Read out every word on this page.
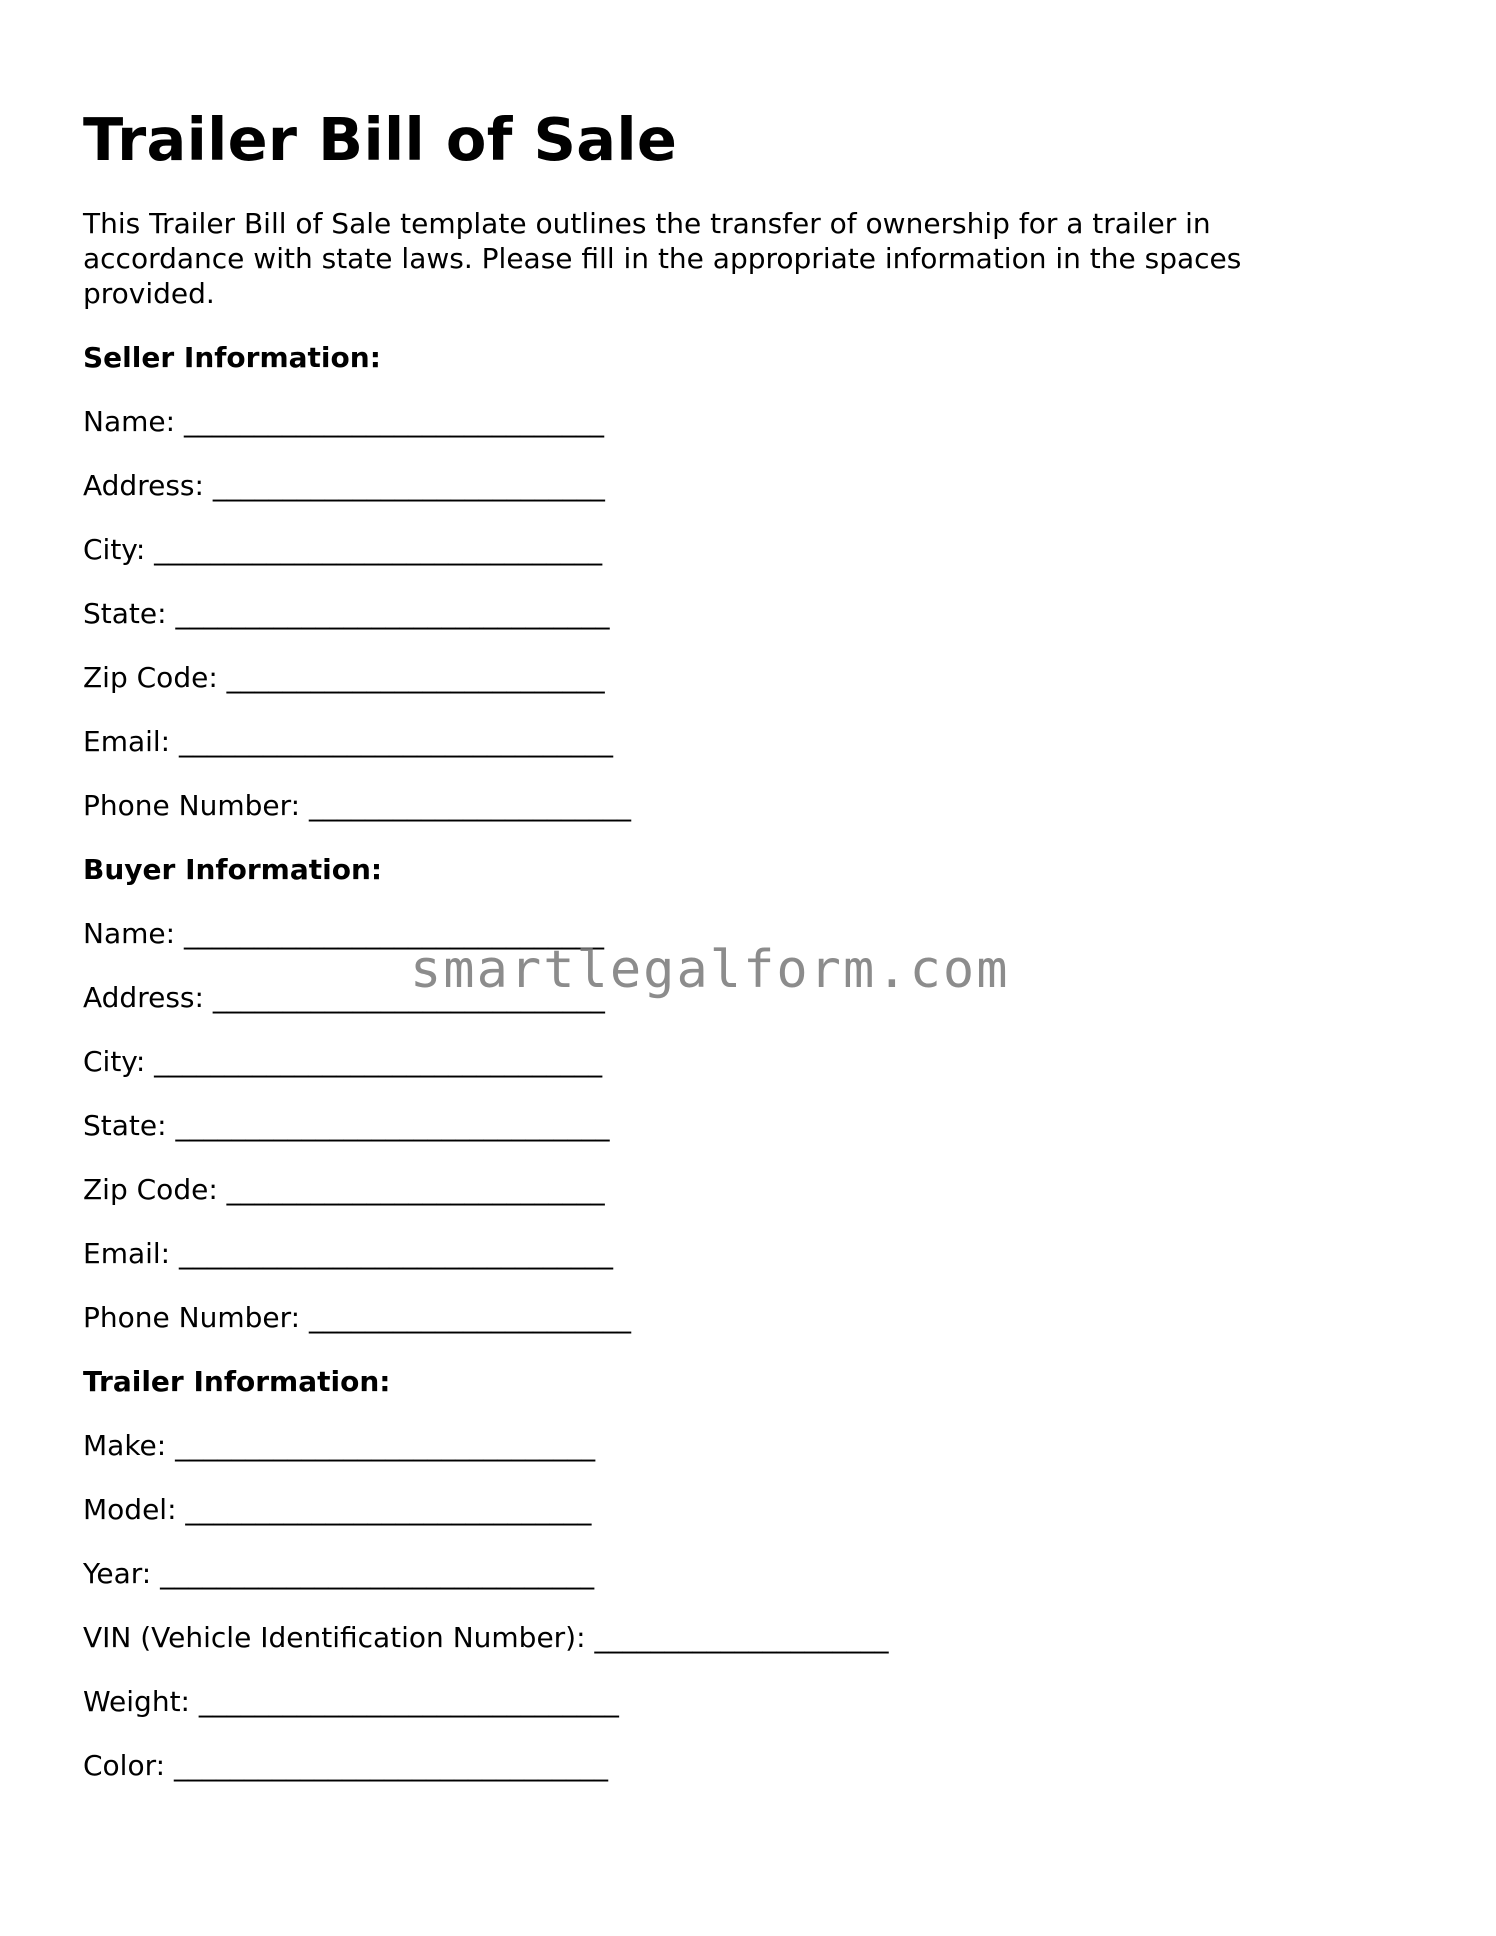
Trailer Bill of Sale

This Trailer Bill of Sale template outlines the transfer of ownership for a trailer in accordance with state laws. Please fill in the appropriate information in the spaces provided.

Seller Information:
Name: ______________________________
Address: ____________________________
City: ________________________________
State: _______________________________
Zip Code: ___________________________
Email: _______________________________
Phone Number: _______________________
Buyer Information:
Name: ______________________________
Address: ____________________________
City: ________________________________
State: _______________________________
Zip Code: ___________________________
Email: _______________________________
Phone Number: _______________________
Trailer Information:
Make: ______________________________
Model: _____________________________
Year: _______________________________
VIN (Vehicle Identification Number): _____________________
Weight: ______________________________
Color: _______________________________
smartlegalform.com
